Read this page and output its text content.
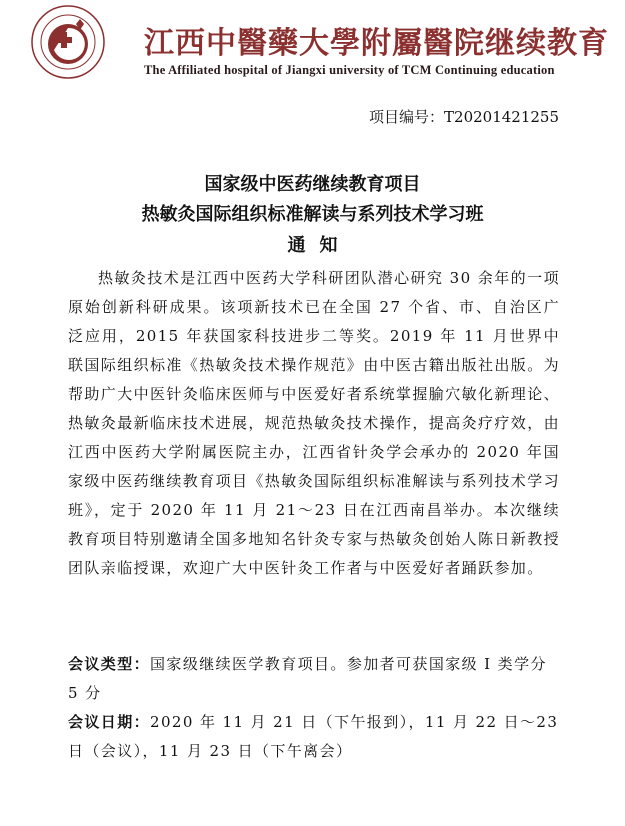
江西中醫藥大學附屬醫院继续教育
The Affiliated hospital of Jiangxi university of TCM Continuing education
项目编号：T20201421255
国家级中医药继续教育项目
热敏灸国际组织标准解读与系列技术学习班
通知
热敏灸技术是江西中医药大学科研团队潜心研究 30 余年的一项原始创新科研成果。该项新技术已在全国 27 个省、市、自治区广泛应用，2015 年获国家科技进步二等奖。2019 年 11 月世界中联国际组织标准《热敏灸技术操作规范》由中医古籍出版社出版。为帮助广大中医针灸临床医师与中医爱好者系统掌握腧穴敏化新理论、热敏灸最新临床技术进展，规范热敏灸技术操作，提高灸疗疗效，由江西中医药大学附属医院主办，江西省针灸学会承办的 2020 年国家级中医药继续教育项目《热敏灸国际组织标准解读与系列技术学习班》，定于 2020 年 11 月 21～23 日在江西南昌举办。本次继续教育项目特别邀请全国多地知名针灸专家与热敏灸创始人陈日新教授团队亲临授课，欢迎广大中医针灸工作者与中医爱好者踊跃参加。
会议类型：国家级继续医学教育项目。参加者可获国家级 I 类学分 5 分
会议日期：2020 年 11 月 21 日（下午报到），11 月 22 日～23 日（会议），11 月 23 日（下午离会）
